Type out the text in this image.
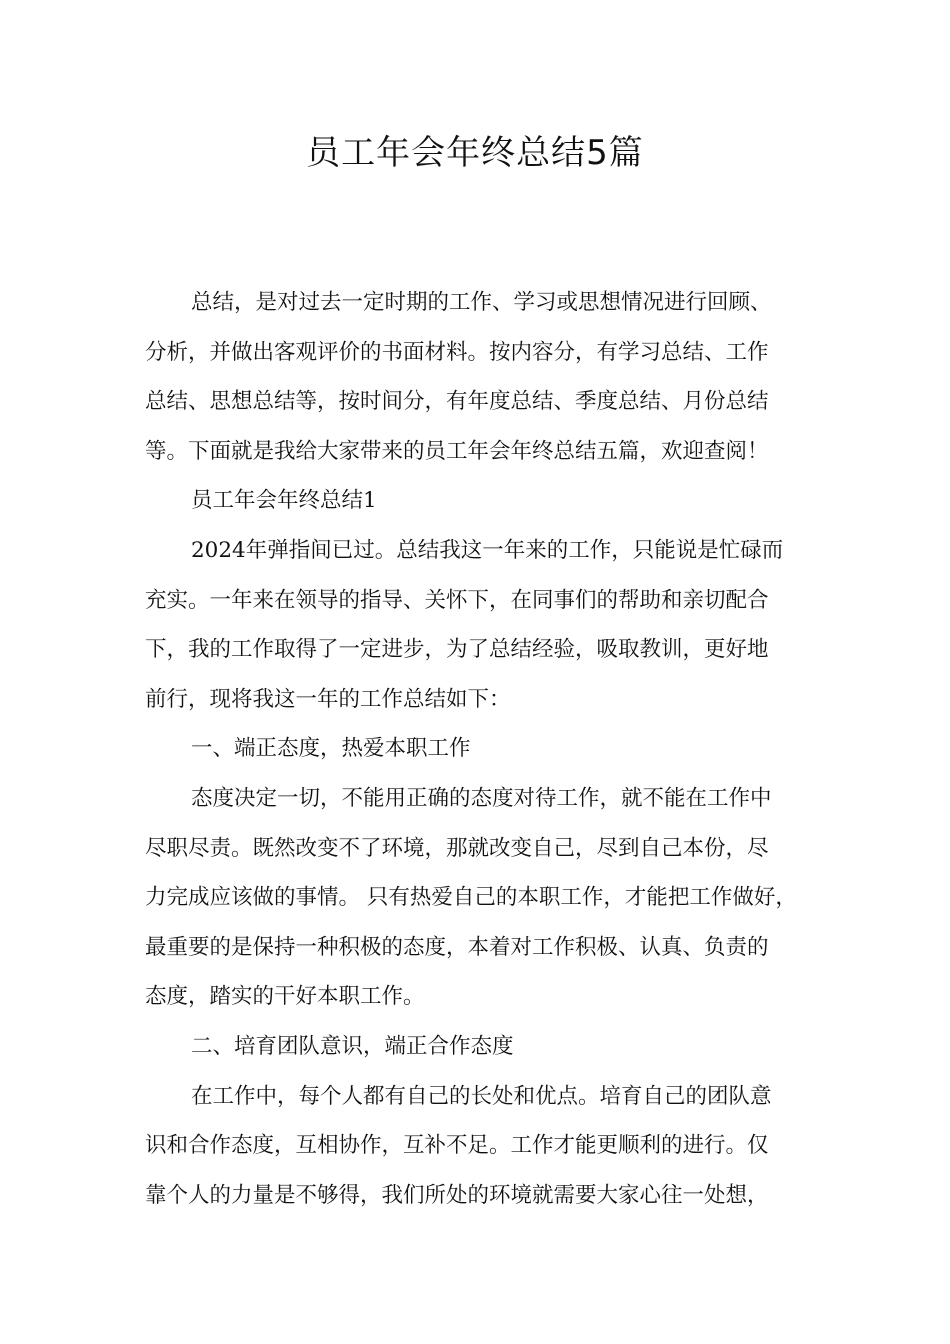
员工年会年终总结5篇
总结，是对过去一定时期的工作、学习或思想情况进行回顾、
分析，并做出客观评价的书面材料。按内容分，有学习总结、工作
总结、思想总结等，按时间分，有年度总结、季度总结、月份总结
等。下面就是我给大家带来的员工年会年终总结五篇，欢迎查阅！
员工年会年终总结1
2024年弹指间已过。总结我这一年来的工作，只能说是忙碌而
充实。一年来在领导的指导、关怀下，在同事们的帮助和亲切配合
下，我的工作取得了一定进步，为了总结经验，吸取教训，更好地
前行，现将我这一年的工作总结如下：
一、端正态度，热爱本职工作
态度决定一切，不能用正确的态度对待工作，就不能在工作中
尽职尽责。既然改变不了环境，那就改变自己，尽到自己本份，尽
力完成应该做的事情。 只有热爱自己的本职工作，才能把工作做好，
最重要的是保持一种积极的态度，本着对工作积极、认真、负责的
态度，踏实的干好本职工作。
二、培育团队意识，端正合作态度
在工作中，每个人都有自己的长处和优点。培育自己的团队意
识和合作态度，互相协作，互补不足。工作才能更顺利的进行。仅
靠个人的力量是不够得，我们所处的环境就需要大家心往一处想，
